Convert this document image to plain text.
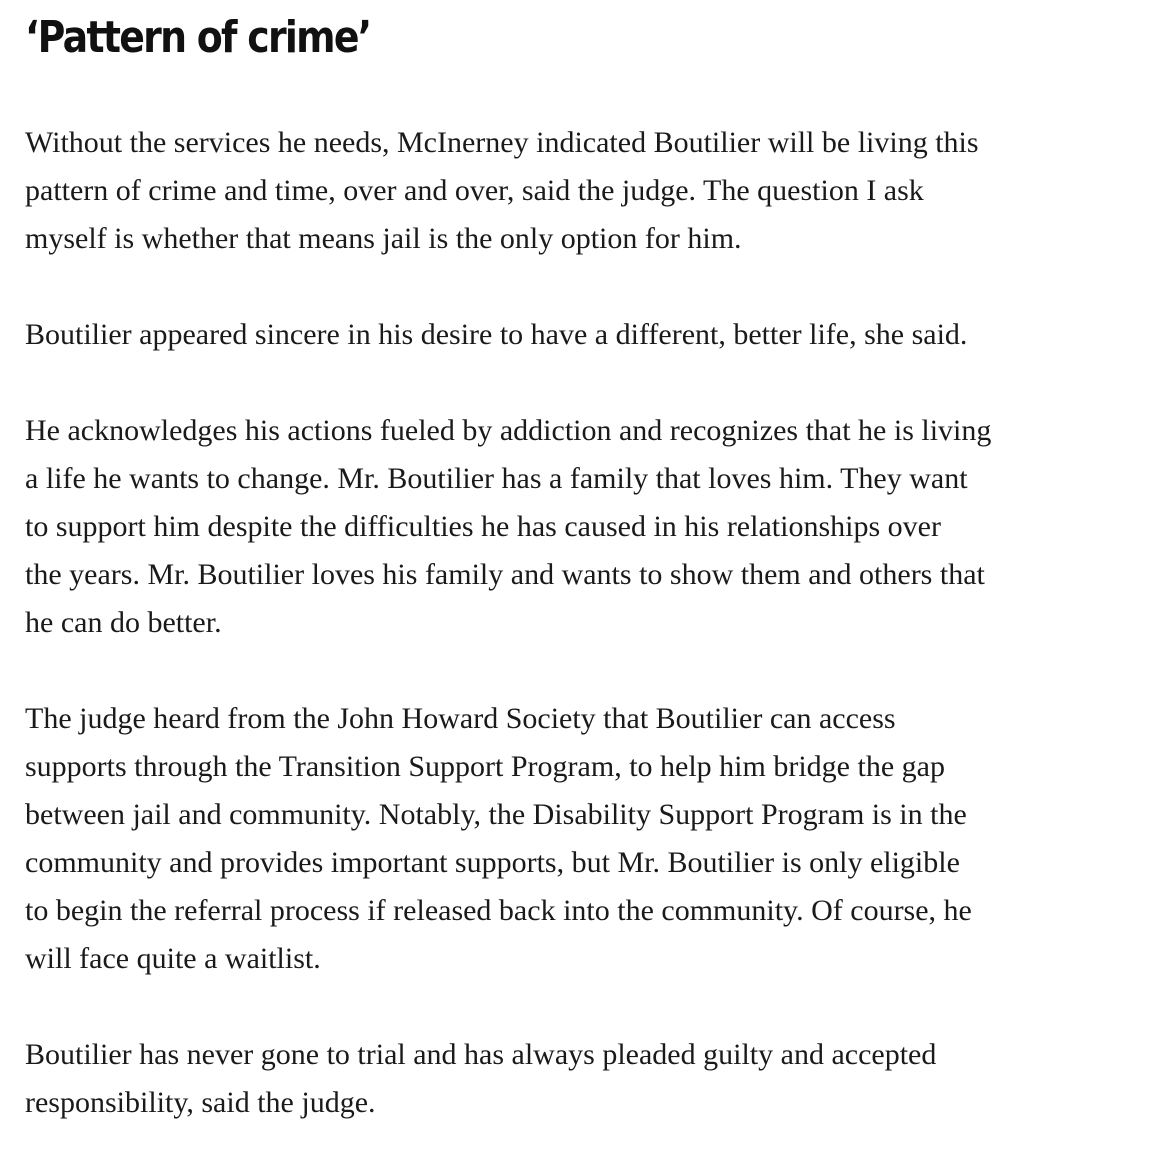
‘Pattern of crime’

Without the services he needs, McInerney indicated Boutilier will be living this
pattern of crime and time, over and over, said the judge. The question I ask
myself is whether that means jail is the only option for him.

Boutilier appeared sincere in his desire to have a different, better life, she said.

He acknowledges his actions fueled by addiction and recognizes that he is living
a life he wants to change. Mr. Boutilier has a family that loves him. They want
to support him despite the difficulties he has caused in his relationships over
the years. Mr. Boutilier loves his family and wants to show them and others that
he can do better.

The judge heard from the John Howard Society that Boutilier can access
supports through the Transition Support Program, to help him bridge the gap
between jail and community. Notably, the Disability Support Program is in the
community and provides important supports, but Mr. Boutilier is only eligible
to begin the referral process if released back into the community. Of course, he
will face quite a waitlist.

Boutilier has never gone to trial and has always pleaded guilty and accepted
responsibility, said the judge.
